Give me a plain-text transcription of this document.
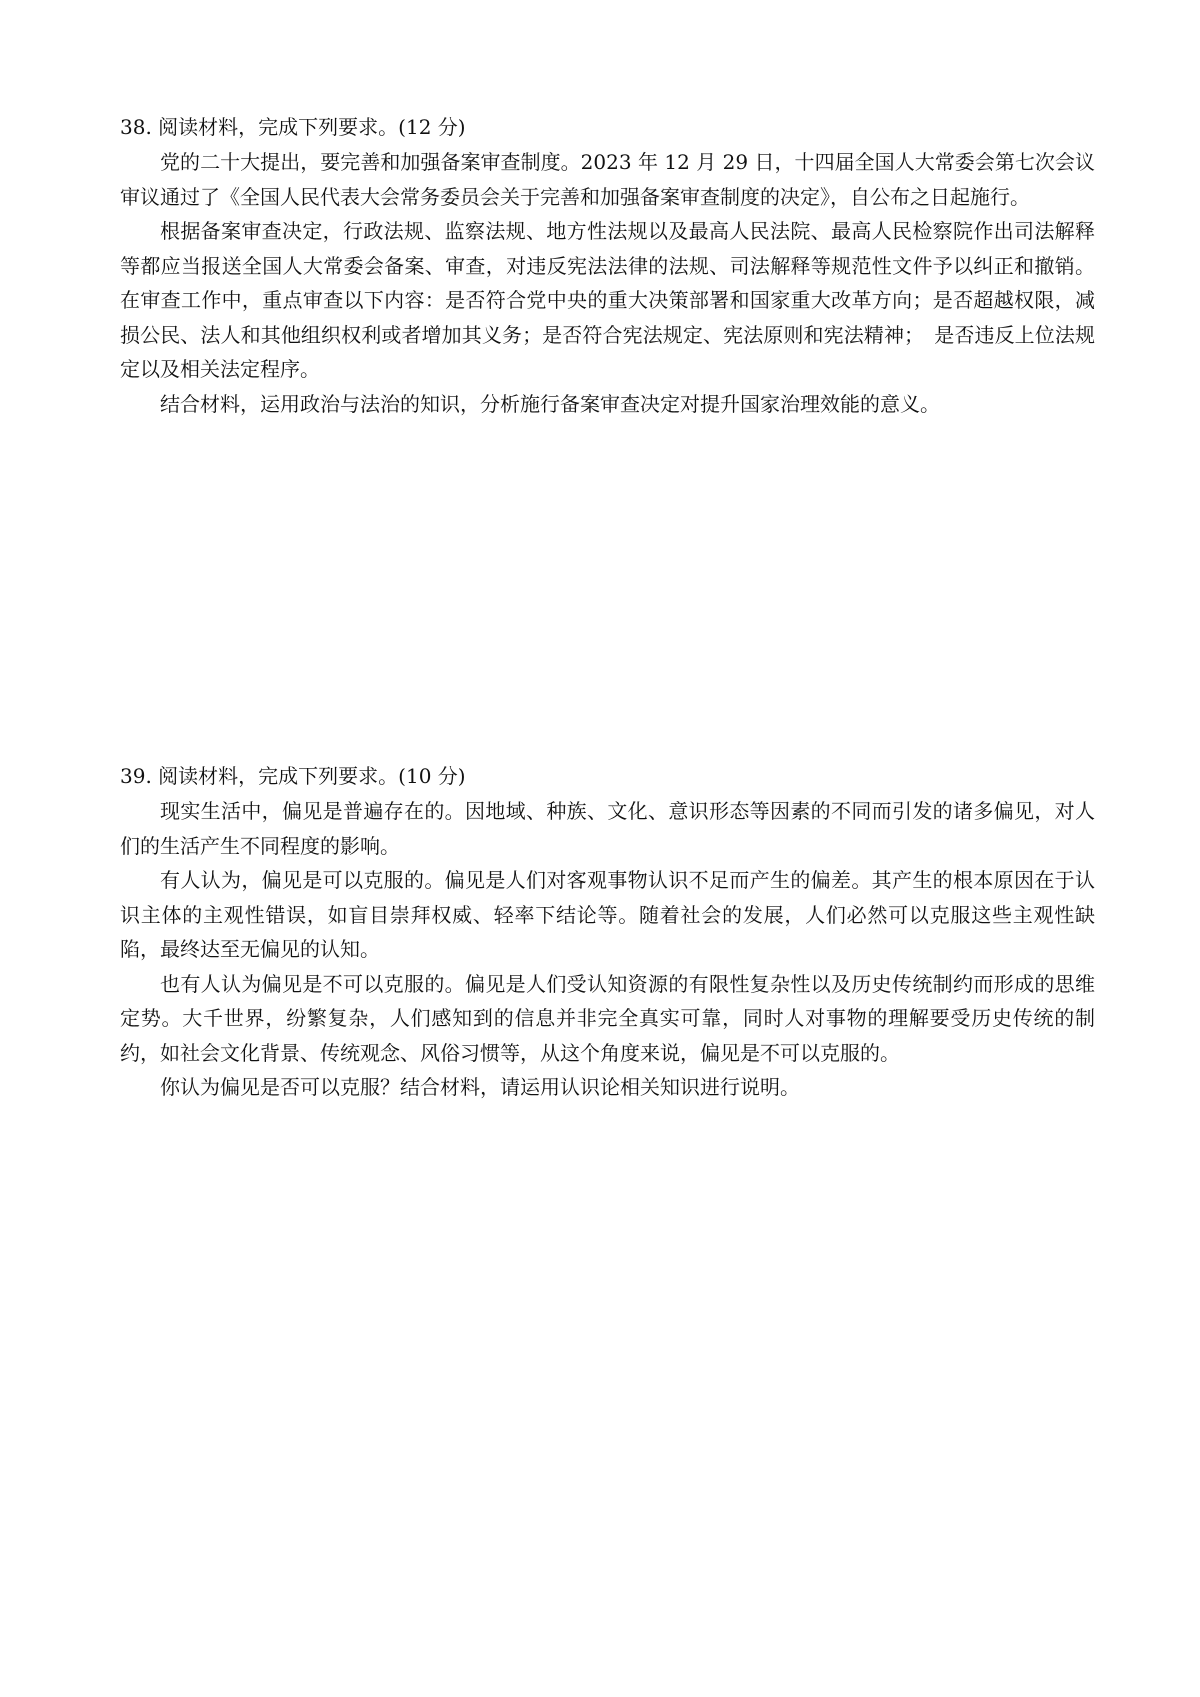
38. 阅读材料，完成下列要求。(12 分)

党的二十大提出，要完善和加强备案审查制度。2023 年 12 月 29 日，十四届全国人大常委会第七次会议审议通过了《全国人民代表大会常务委员会关于完善和加强备案审查制度的决定》，自公布之日起施行。

根据备案审查决定，行政法规、监察法规、地方性法规以及最高人民法院、最高人民检察院作出司法解释等都应当报送全国人大常委会备案、审查，对违反宪法法律的法规、司法解释等规范性文件予以纠正和撤销。在审查工作中，重点审查以下内容：是否符合党中央的重大决策部署和国家重大改革方向；是否超越权限，减损公民、法人和其他组织权利或者增加其义务；是否符合宪法规定、宪法原则和宪法精神；　是否违反上位法规定以及相关法定程序。

结合材料，运用政治与法治的知识，分析施行备案审查决定对提升国家治理效能的意义。

39. 阅读材料，完成下列要求。(10 分)

现实生活中，偏见是普遍存在的。因地域、种族、文化、意识形态等因素的不同而引发的诸多偏见，对人们的生活产生不同程度的影响。

有人认为，偏见是可以克服的。偏见是人们对客观事物认识不足而产生的偏差。其产生的根本原因在于认识主体的主观性错误，如盲目崇拜权威、轻率下结论等。随着社会的发展，人们必然可以克服这些主观性缺陷，最终达至无偏见的认知。

也有人认为偏见是不可以克服的。偏见是人们受认知资源的有限性复杂性以及历史传统制约而形成的思维定势。大千世界，纷繁复杂，人们感知到的信息并非完全真实可靠，同时人对事物的理解要受历史传统的制约，如社会文化背景、传统观念、风俗习惯等，从这个角度来说，偏见是不可以克服的。

你认为偏见是否可以克服？结合材料，请运用认识论相关知识进行说明。
